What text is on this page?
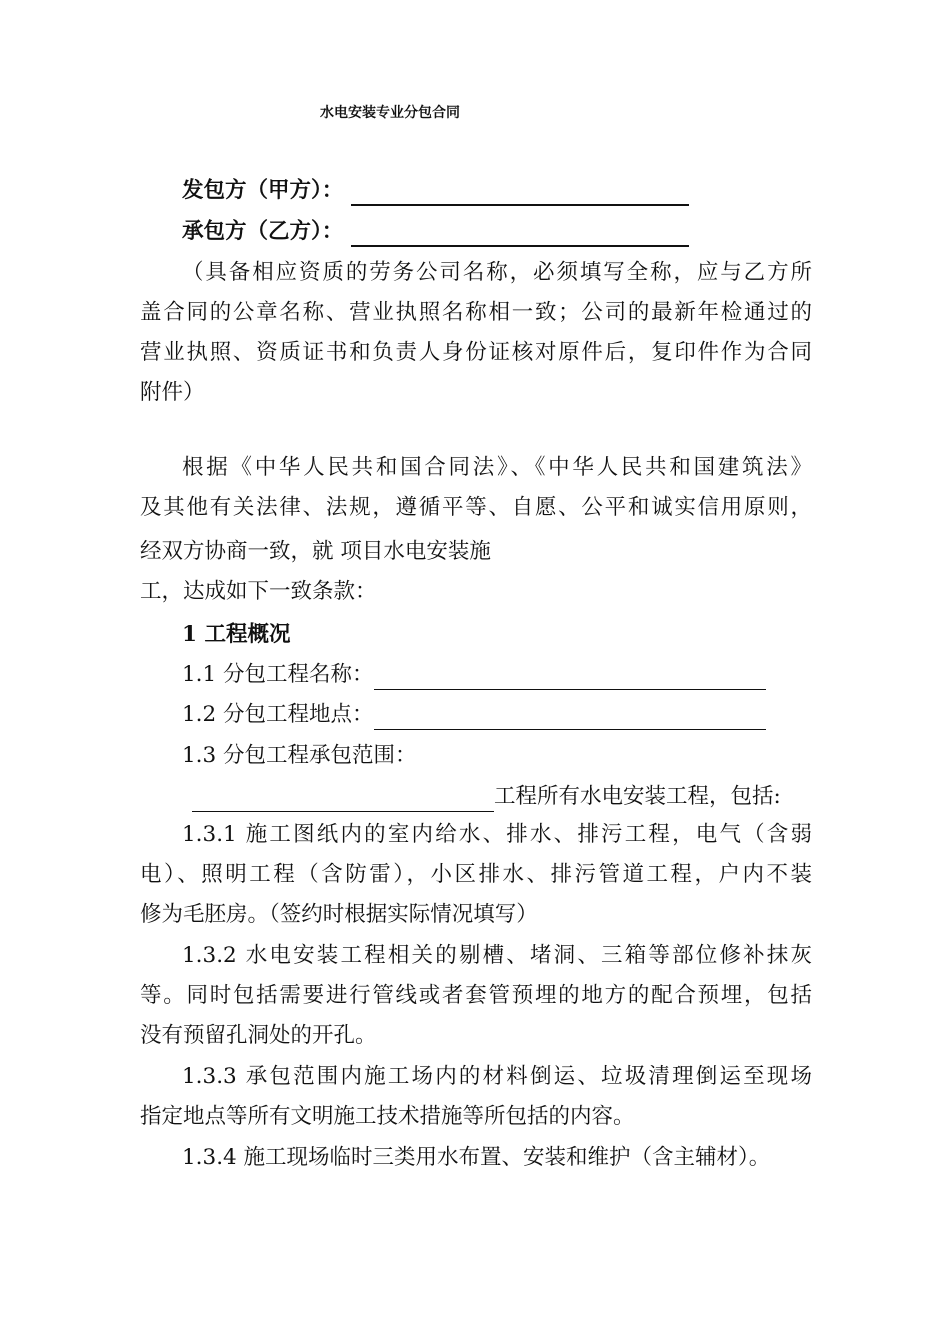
水电安装专业分包合同
发包方（甲方）：
承包方（乙方）：
（具备相应资质的劳务公司名称，必须填写全称，应与乙方所
盖合同的公章名称、营业执照名称相一致；公司的最新年检通过的
营业执照、资质证书和负责人身份证核对原件后，复印件作为合同
附件）
根据《中华人民共和国合同法》、《中华人民共和国建筑法》
及其他有关法律、法规，遵循平等、自愿、公平和诚实信用原则，
经双方协商一致，就 项目水电安装施
工，达成如下一致条款：
1 工程概况
1.1 分包工程名称：
1.2 分包工程地点：
1.3 分包工程承包范围：
工程所有水电安装工程，包括:
1.3.1 施工图纸内的室内给水、排水、排污工程，电气（含弱
电）、照明工程（含防雷），小区排水、排污管道工程，户内不装
修为毛胚房。（签约时根据实际情况填写）
1.3.2 水电安装工程相关的剔槽、堵洞、三箱等部位修补抹灰
等。同时包括需要进行管线或者套管预埋的地方的配合预埋，包括
没有预留孔洞处的开孔。
1.3.3 承包范围内施工场内的材料倒运、垃圾清理倒运至现场
指定地点等所有文明施工技术措施等所包括的内容。
1.3.4 施工现场临时三类用水布置、安装和维护（含主辅材）。
